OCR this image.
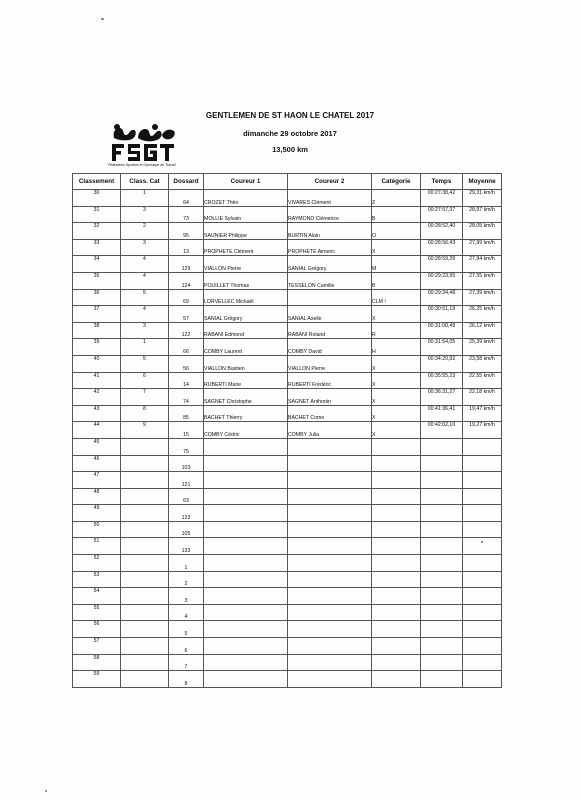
Fédération Sportive et Gymnique du Travail
GENTLEMEN DE ST HAON LE CHATEL 2017
dimanche 29 octobre 2017
13,500 km
Classement	Class. Cat	Dossard	Coureur 1	Coureur 2	Catégorie	Temps	Moyenne
30	1	64	CROZET Théo	VIVARES Clément	Z	00:27:38,42	29,31 km/h
31	3	73	MOLLIE Sylvain	RAYMOND Clémence	B	00:27:57,37	28,97 km/h
32	2	95	SAUNIER Philippe	BURTIN Alain	O	00:28:52,40	28,05 km/h
33	3	13	PROPHETE Clément	PROPHETE Aimeric	X	00:28:56,43	27,99 km/h
34	4	129	VIALLON Pierre	SANIAL Grégory	M	00:28:59,39	27,94 km/h
35	4	124	POUILLET Thomas	TESSELON Camille	B	00:29:23,95	27,55 km/h
36	5	69	LORVELLEC Mickaël		CLM !	00:29:34,48	27,39 km/h
37	4	57	SANIAL Grégory	SANIAL Axelle	X	00:30:51,19	26,25 km/h
38	3	122	RABANI Edmond	RABANI Roland	R	00:31:00,49	26,12 km/h
39	1	66	COMBY Laurent	COMBY David	H	00:31:54,05	25,39 km/h
40	5	56	VIALLON Bastien	VIALLON Pierre	X	00:34:20,92	23,58 km/h
41	6	14	RUBERTI Marie	RUBERTI Frédéric	X	00:35:55,23	22,55 km/h
42	7	74	SAGNET Christophe	SAGNET Anthonin	X	00:36:31,27	22,18 km/h
43	8	85	BACHET Thierry	BACHET Come	X	00:41:36,41	19,47 km/h
44	9	15	COMBY Cédric	COMBY Julia	X	00:42:02,10	19,27 km/h
45		75					
46		103					
47		121					
48		63					
49		123					
50		105					
51		133					
52		1					
53		2					
54		3					
55		4					
56		5					
57		6					
58		7					
59		8					
